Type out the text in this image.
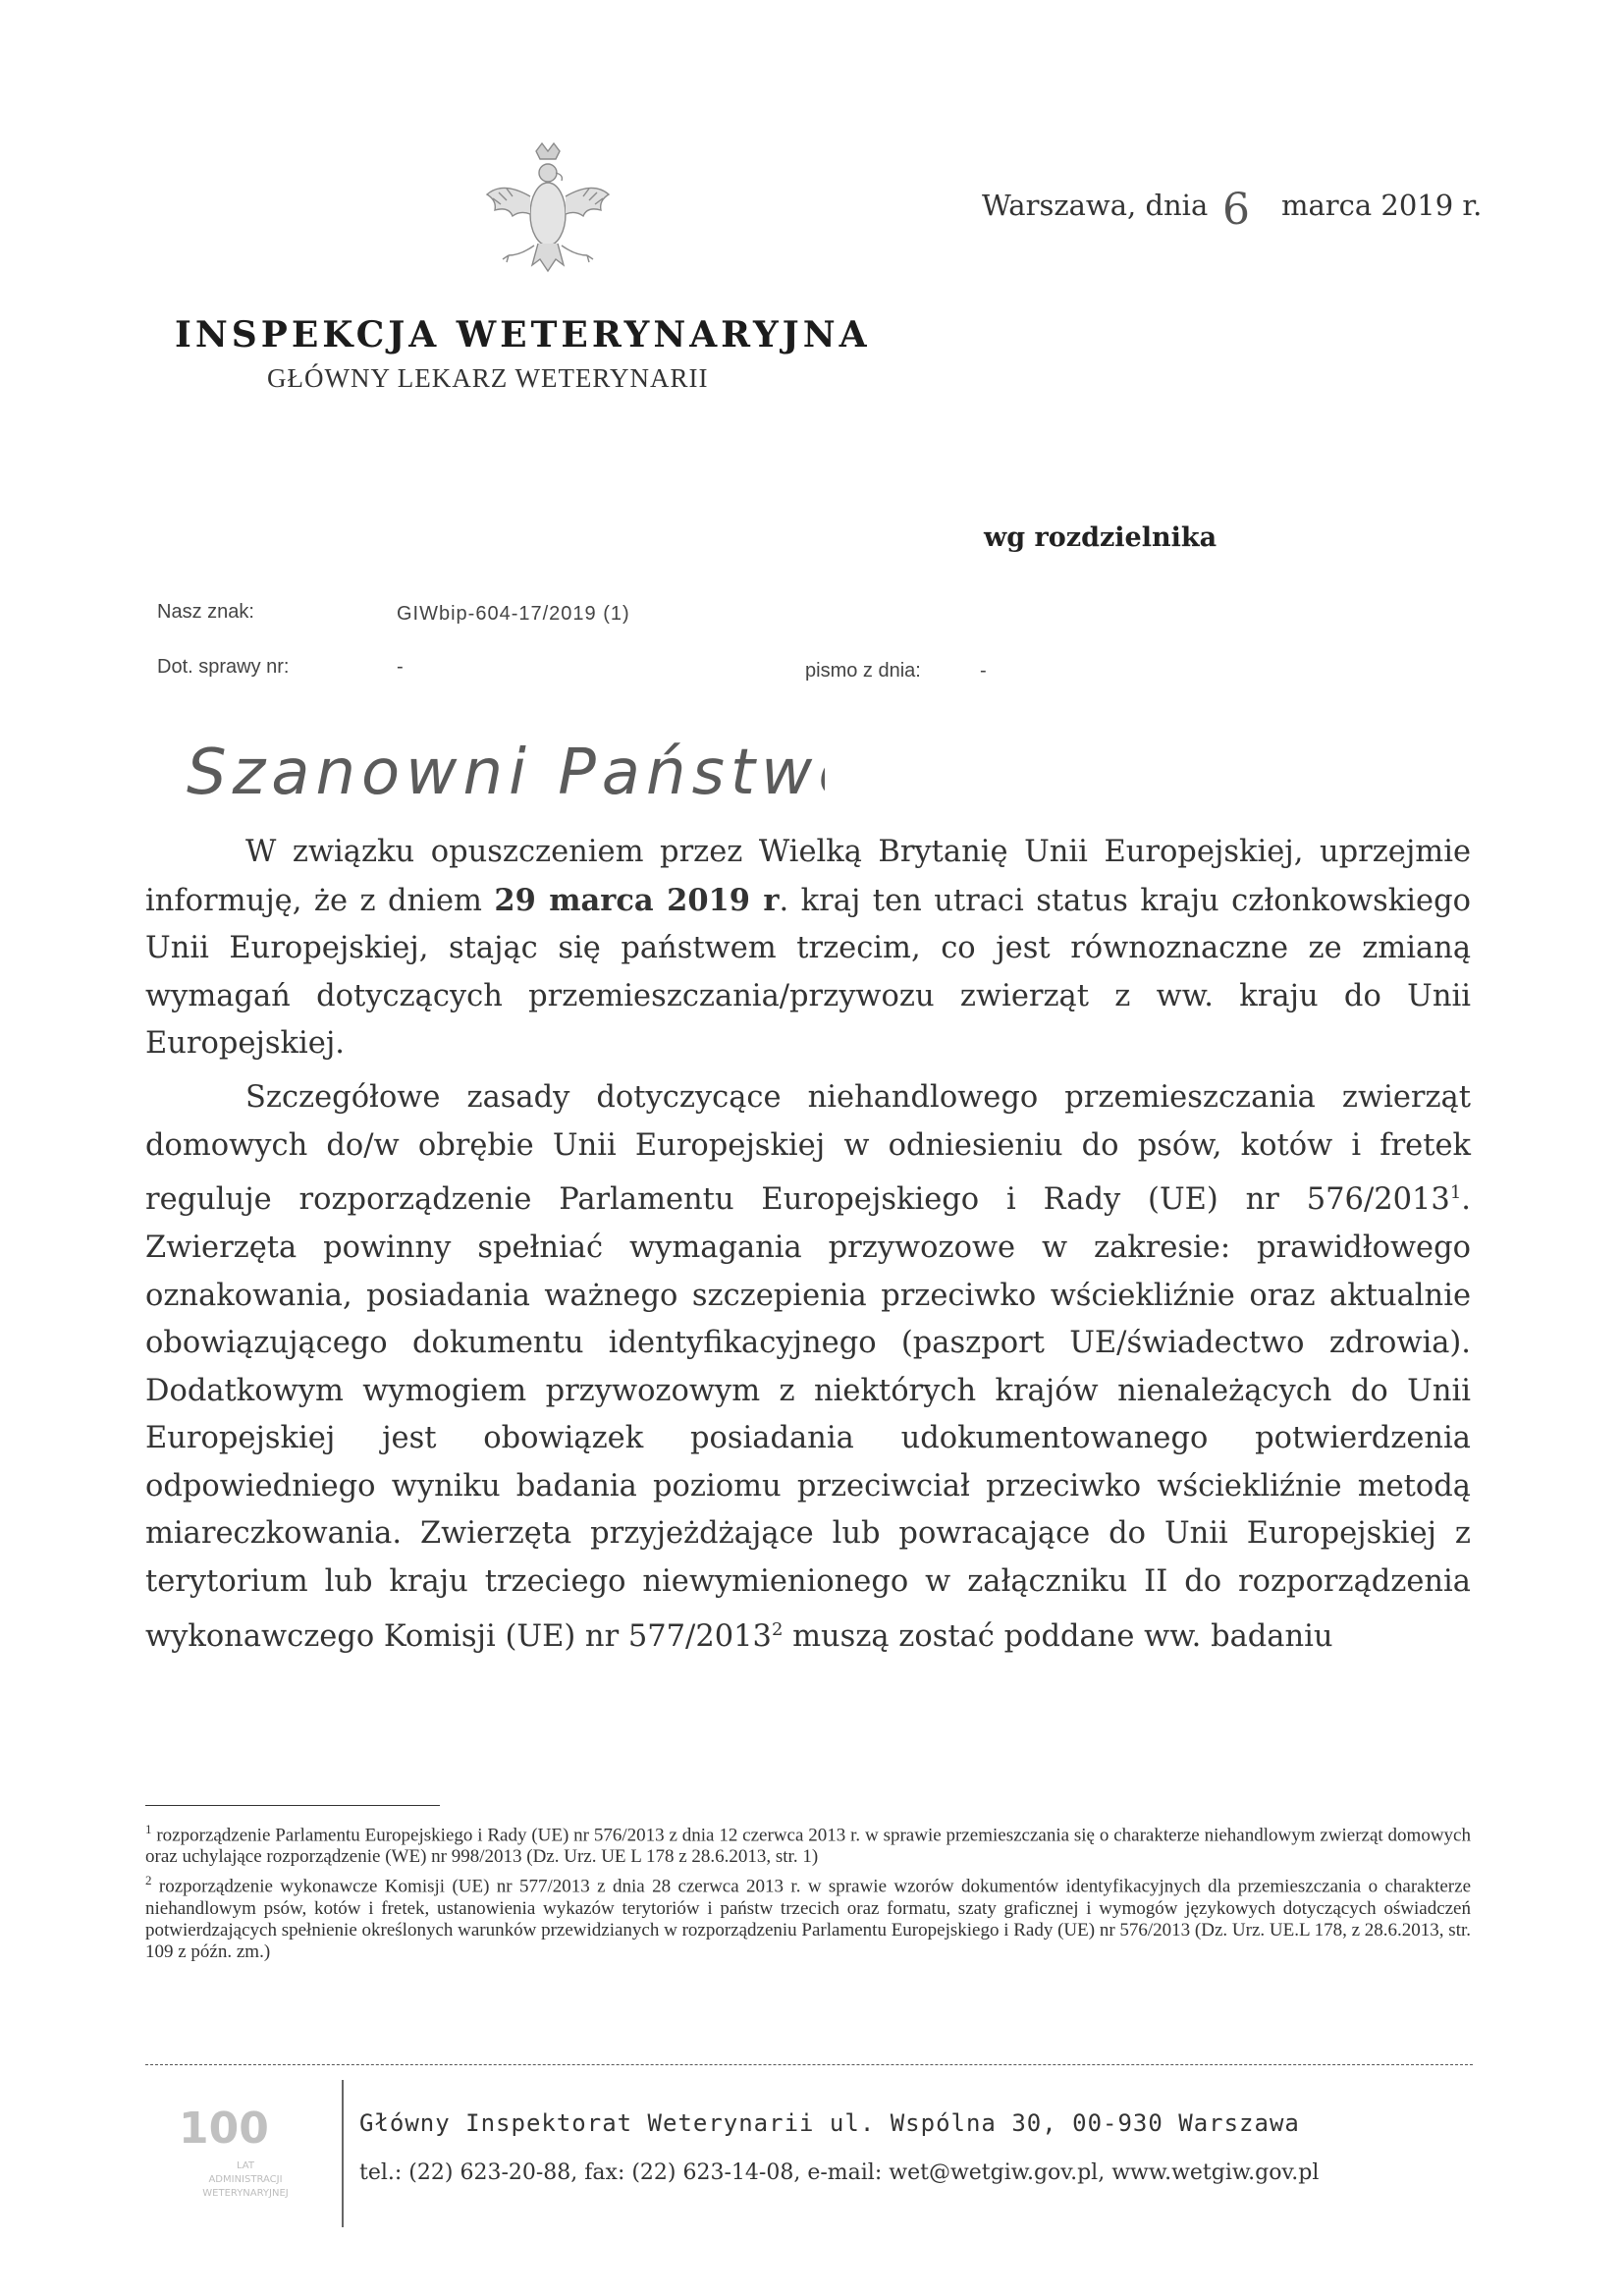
INSPEKCJA WETERYNARYJNA
GŁÓWNY LEKARZ WETERYNARII
Warszawa, dnia 6 marca 2019 r.
wg rozdzielnika
Nasz znak:	GIWbip-604-17/2019 (1)
Dot. sprawy nr:	-	pismo z dnia:	-
Szanowni Państwo!

W związku opuszczeniem przez Wielką Brytanię Unii Europejskiej, uprzejmie informuję, że z dniem 29 marca 2019 r. kraj ten utraci status kraju członkowskiego Unii Europejskiej, stając się państwem trzecim, co jest równoznaczne ze zmianą wymagań dotyczących przemieszczania/przywozu zwierząt z ww. kraju do Unii Europejskiej.

Szczegółowe zasady dotyczycące niehandlowego przemieszczania zwierząt domowych do/w obrębie Unii Europejskiej w odniesieniu do psów, kotów i fretek reguluje rozporządzenie Parlamentu Europejskiego i Rady (UE) nr 576/2013$^1$. Zwierzęta powinny spełniać wymagania przywozowe w zakresie: prawidłowego oznakowania, posiadania ważnego szczepienia przeciwko wściekliźnie oraz aktualnie obowiązującego dokumentu identyfikacyjnego (paszport UE/świadectwo zdrowia). Dodatkowym wymogiem przywozowym z niektórych krajów nienależących do Unii Europejskiej jest obowiązek posiadania udokumentowanego potwierdzenia odpowiedniego wyniku badania poziomu przeciwciał przeciwko wściekliźnie metodą miareczkowania. Zwierzęta przyjeżdżające lub powracające do Unii Europejskiej z terytorium lub kraju trzeciego niewymienionego w załączniku II do rozporządzenia wykonawczego Komisji (UE) nr 577/2013$^2$ muszą zostać poddane ww. badaniu

$^1$ rozporządzenie Parlamentu Europejskiego i Rady (UE) nr 576/2013 z dnia 12 czerwca 2013 r. w sprawie przemieszczania się o charakterze niehandlowym zwierząt domowych oraz uchylające rozporządzenie (WE) nr 998/2013 (Dz. Urz. UE L 178 z 28.6.2013, str. 1)

$^2$ rozporządzenie wykonawcze Komisji (UE) nr 577/2013 z dnia 28 czerwca 2013 r. w sprawie wzorów dokumentów identyfikacyjnych dla przemieszczania o charakterze niehandlowym psów, kotów i fretek, ustanowienia wykazów terytoriów i państw trzecich oraz formatu, szaty graficznej i wymogów językowych dotyczących oświadczeń potwierdzających spełnienie określonych warunków przewidzianych w rozporządzeniu Parlamentu Europejskiego i Rady (UE) nr 576/2013 (Dz. Urz. UE.L 178, z 28.6.2013, str. 109 z późn. zm.)

100
LAT
ADMINISTRACJI
WETERYNARYJNEJ
Główny Inspektorat Weterynarii ul. Wspólna 30, 00-930 Warszawa
tel.: (22) 623-20-88, fax: (22) 623-14-08, e-mail: wet@wetgiw.gov.pl, www.wetgiw.gov.pl
